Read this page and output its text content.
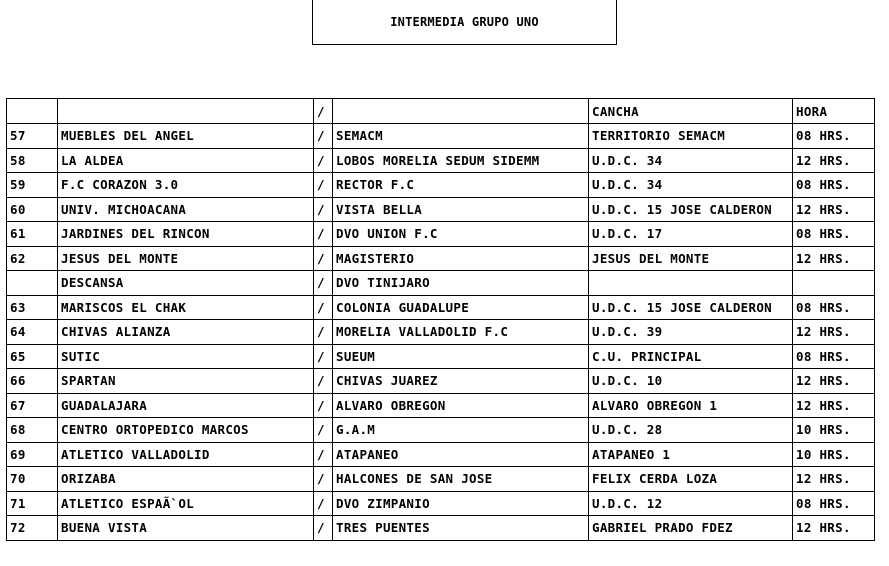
INTERMEDIA GRUPO UNO
		/		CANCHA	HORA
57	MUEBLES DEL ANGEL	/	SEMACM	TERRITORIO SEMACM	08 HRS.
58	LA ALDEA	/	LOBOS MORELIA SEDUM SIDEMM	U.D.C. 34	12 HRS.
59	F.C CORAZON 3.0	/	RECTOR F.C	U.D.C. 34	08 HRS.
60	UNIV. MICHOACANA	/	VISTA BELLA	U.D.C. 15 JOSE CALDERON	12 HRS.
61	JARDINES DEL RINCON	/	DVO UNION F.C	U.D.C. 17	08 HRS.
62	JESUS DEL MONTE	/	MAGISTERIO	JESUS DEL MONTE	12 HRS.
	DESCANSA	/	DVO TINIJARO		
63	MARISCOS EL CHAK	/	COLONIA GUADALUPE	U.D.C. 15 JOSE CALDERON	08 HRS.
64	CHIVAS ALIANZA	/	MORELIA VALLADOLID F.C	U.D.C. 39	12 HRS.
65	SUTIC	/	SUEUM	C.U. PRINCIPAL	08 HRS.
66	SPARTAN	/	CHIVAS JUAREZ	U.D.C. 10	12 HRS.
67	GUADALAJARA	/	ALVARO OBREGON	ALVARO OBREGON 1	12 HRS.
68	CENTRO ORTOPEDICO MARCOS	/	G.A.M	U.D.C. 28	10 HRS.
69	ATLETICO VALLADOLID	/	ATAPANEO	ATAPANEO 1	10 HRS.
70	ORIZABA	/	HALCONES DE SAN JOSE	FELIX CERDA LOZA	12 HRS.
71	ATLETICO ESPAÃ`OL	/	DVO ZIMPANIO	U.D.C. 12	08 HRS.
72	BUENA VISTA	/	TRES PUENTES	GABRIEL PRADO FDEZ	12 HRS.
